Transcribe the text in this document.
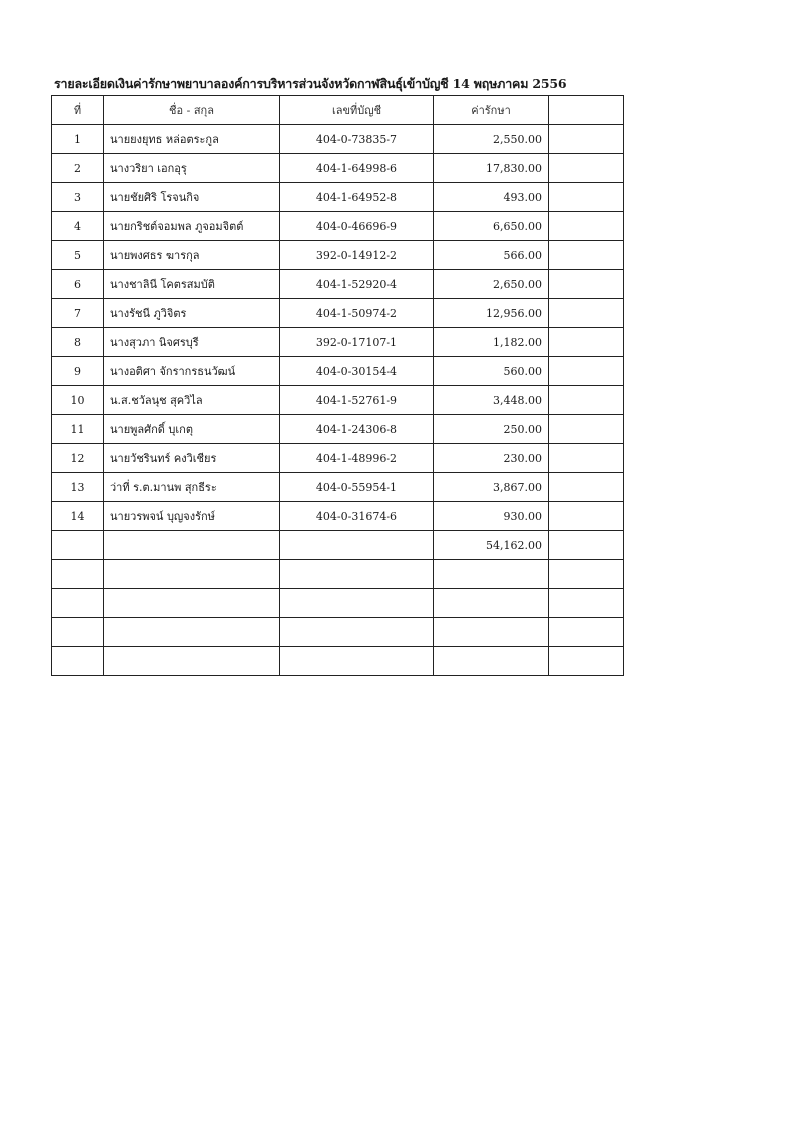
รายละเอียดเงินค่ารักษาพยาบาลองค์การบริหารส่วนจังหวัดกาฬสินธุ์เข้าบัญชี 14 พฤษภาคม 2556
ที่	ชื่อ - สกุล	เลขที่บัญชี	ค่ารักษา	
1	นายยงยุทธ หล่อตระกูล	404-0-73835-7	2,550.00	
2	นางวริยา เอกอุรุ	404-1-64998-6	17,830.00	
3	นายชัยศิริ โรจนกิจ	404-1-64952-8	493.00	
4	นายกริชต์จอมพล ภูจอมจิตต์	404-0-46696-9	6,650.00	
5	นายพงศธร ฆารกุล	392-0-14912-2	566.00	
6	นางชาลินี โคตรสมบัติ	404-1-52920-4	2,650.00	
7	นางรัชนี ภูวิจิตร	404-1-50974-2	12,956.00	
8	นางสุวภา นิจศรบุรี	392-0-17107-1	1,182.00	
9	นางอติศา จักรากรธนวัฒน์	404-0-30154-4	560.00	
10	น.ส.ชวัลนุช สุควิไล	404-1-52761-9	3,448.00	
11	นายพูลศักดิ์ บุเกตุ	404-1-24306-8	250.00	
12	นายวัชรินทร์ คงวิเชียร	404-1-48996-2	230.00	
13	ว่าที่ ร.ต.มานพ สุกธีระ	404-0-55954-1	3,867.00	
14	นายวรพจน์ บุญจงรักษ์	404-0-31674-6	930.00	
			54,162.00	
